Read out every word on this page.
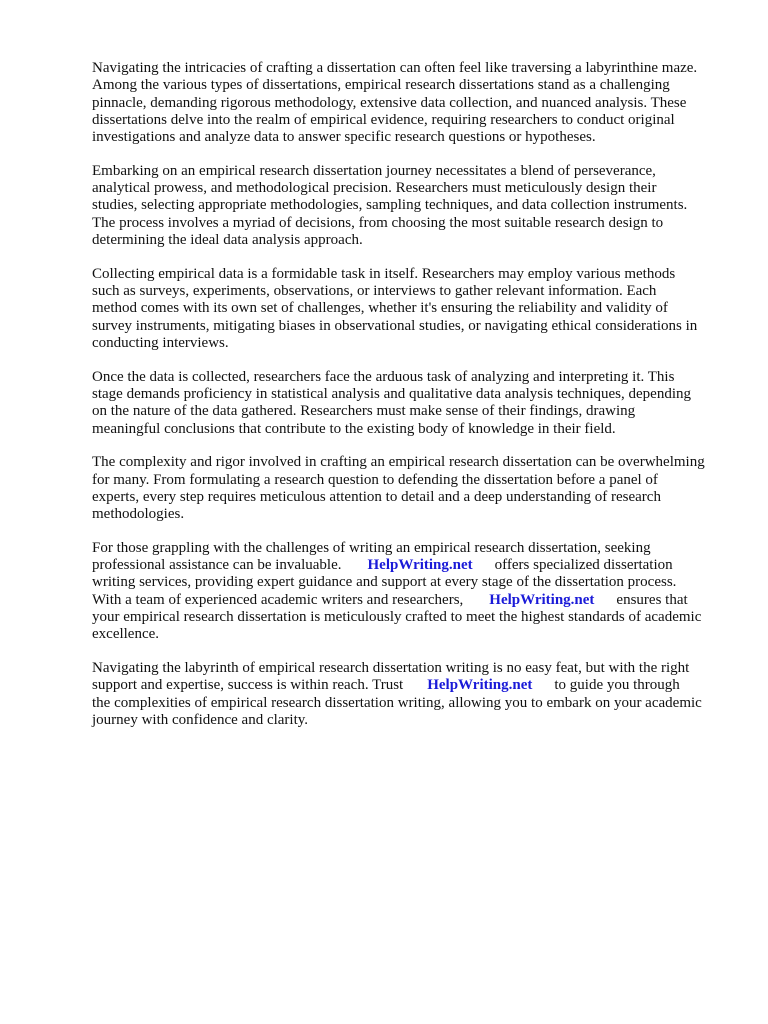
Navigating the intricacies of crafting a dissertation can often feel like traversing a labyrinthine maze.
Among the various types of dissertations, empirical research dissertations stand as a challenging
pinnacle, demanding rigorous methodology, extensive data collection, and nuanced analysis. These
dissertations delve into the realm of empirical evidence, requiring researchers to conduct original
investigations and analyze data to answer specific research questions or hypotheses.

Embarking on an empirical research dissertation journey necessitates a blend of perseverance,
analytical prowess, and methodological precision. Researchers must meticulously design their
studies, selecting appropriate methodologies, sampling techniques, and data collection instruments.
The process involves a myriad of decisions, from choosing the most suitable research design to
determining the ideal data analysis approach.

Collecting empirical data is a formidable task in itself. Researchers may employ various methods
such as surveys, experiments, observations, or interviews to gather relevant information. Each
method comes with its own set of challenges, whether it's ensuring the reliability and validity of
survey instruments, mitigating biases in observational studies, or navigating ethical considerations in
conducting interviews.

Once the data is collected, researchers face the arduous task of analyzing and interpreting it. This
stage demands proficiency in statistical analysis and qualitative data analysis techniques, depending
on the nature of the data gathered. Researchers must make sense of their findings, drawing
meaningful conclusions that contribute to the existing body of knowledge in their field.

The complexity and rigor involved in crafting an empirical research dissertation can be overwhelming
for many. From formulating a research question to defending the dissertation before a panel of
experts, every step requires meticulous attention to detail and a deep understanding of research
methodologies.

For those grappling with the challenges of writing an empirical research dissertation, seeking
professional assistance can be invaluable. HelpWriting.net offers specialized dissertation
writing services, providing expert guidance and support at every stage of the dissertation process.
With a team of experienced academic writers and researchers, HelpWriting.net ensures that
your empirical research dissertation is meticulously crafted to meet the highest standards of academic
excellence.

Navigating the labyrinth of empirical research dissertation writing is no easy feat, but with the right
support and expertise, success is within reach. Trust HelpWriting.net to guide you through
the complexities of empirical research dissertation writing, allowing you to embark on your academic
journey with confidence and clarity.
